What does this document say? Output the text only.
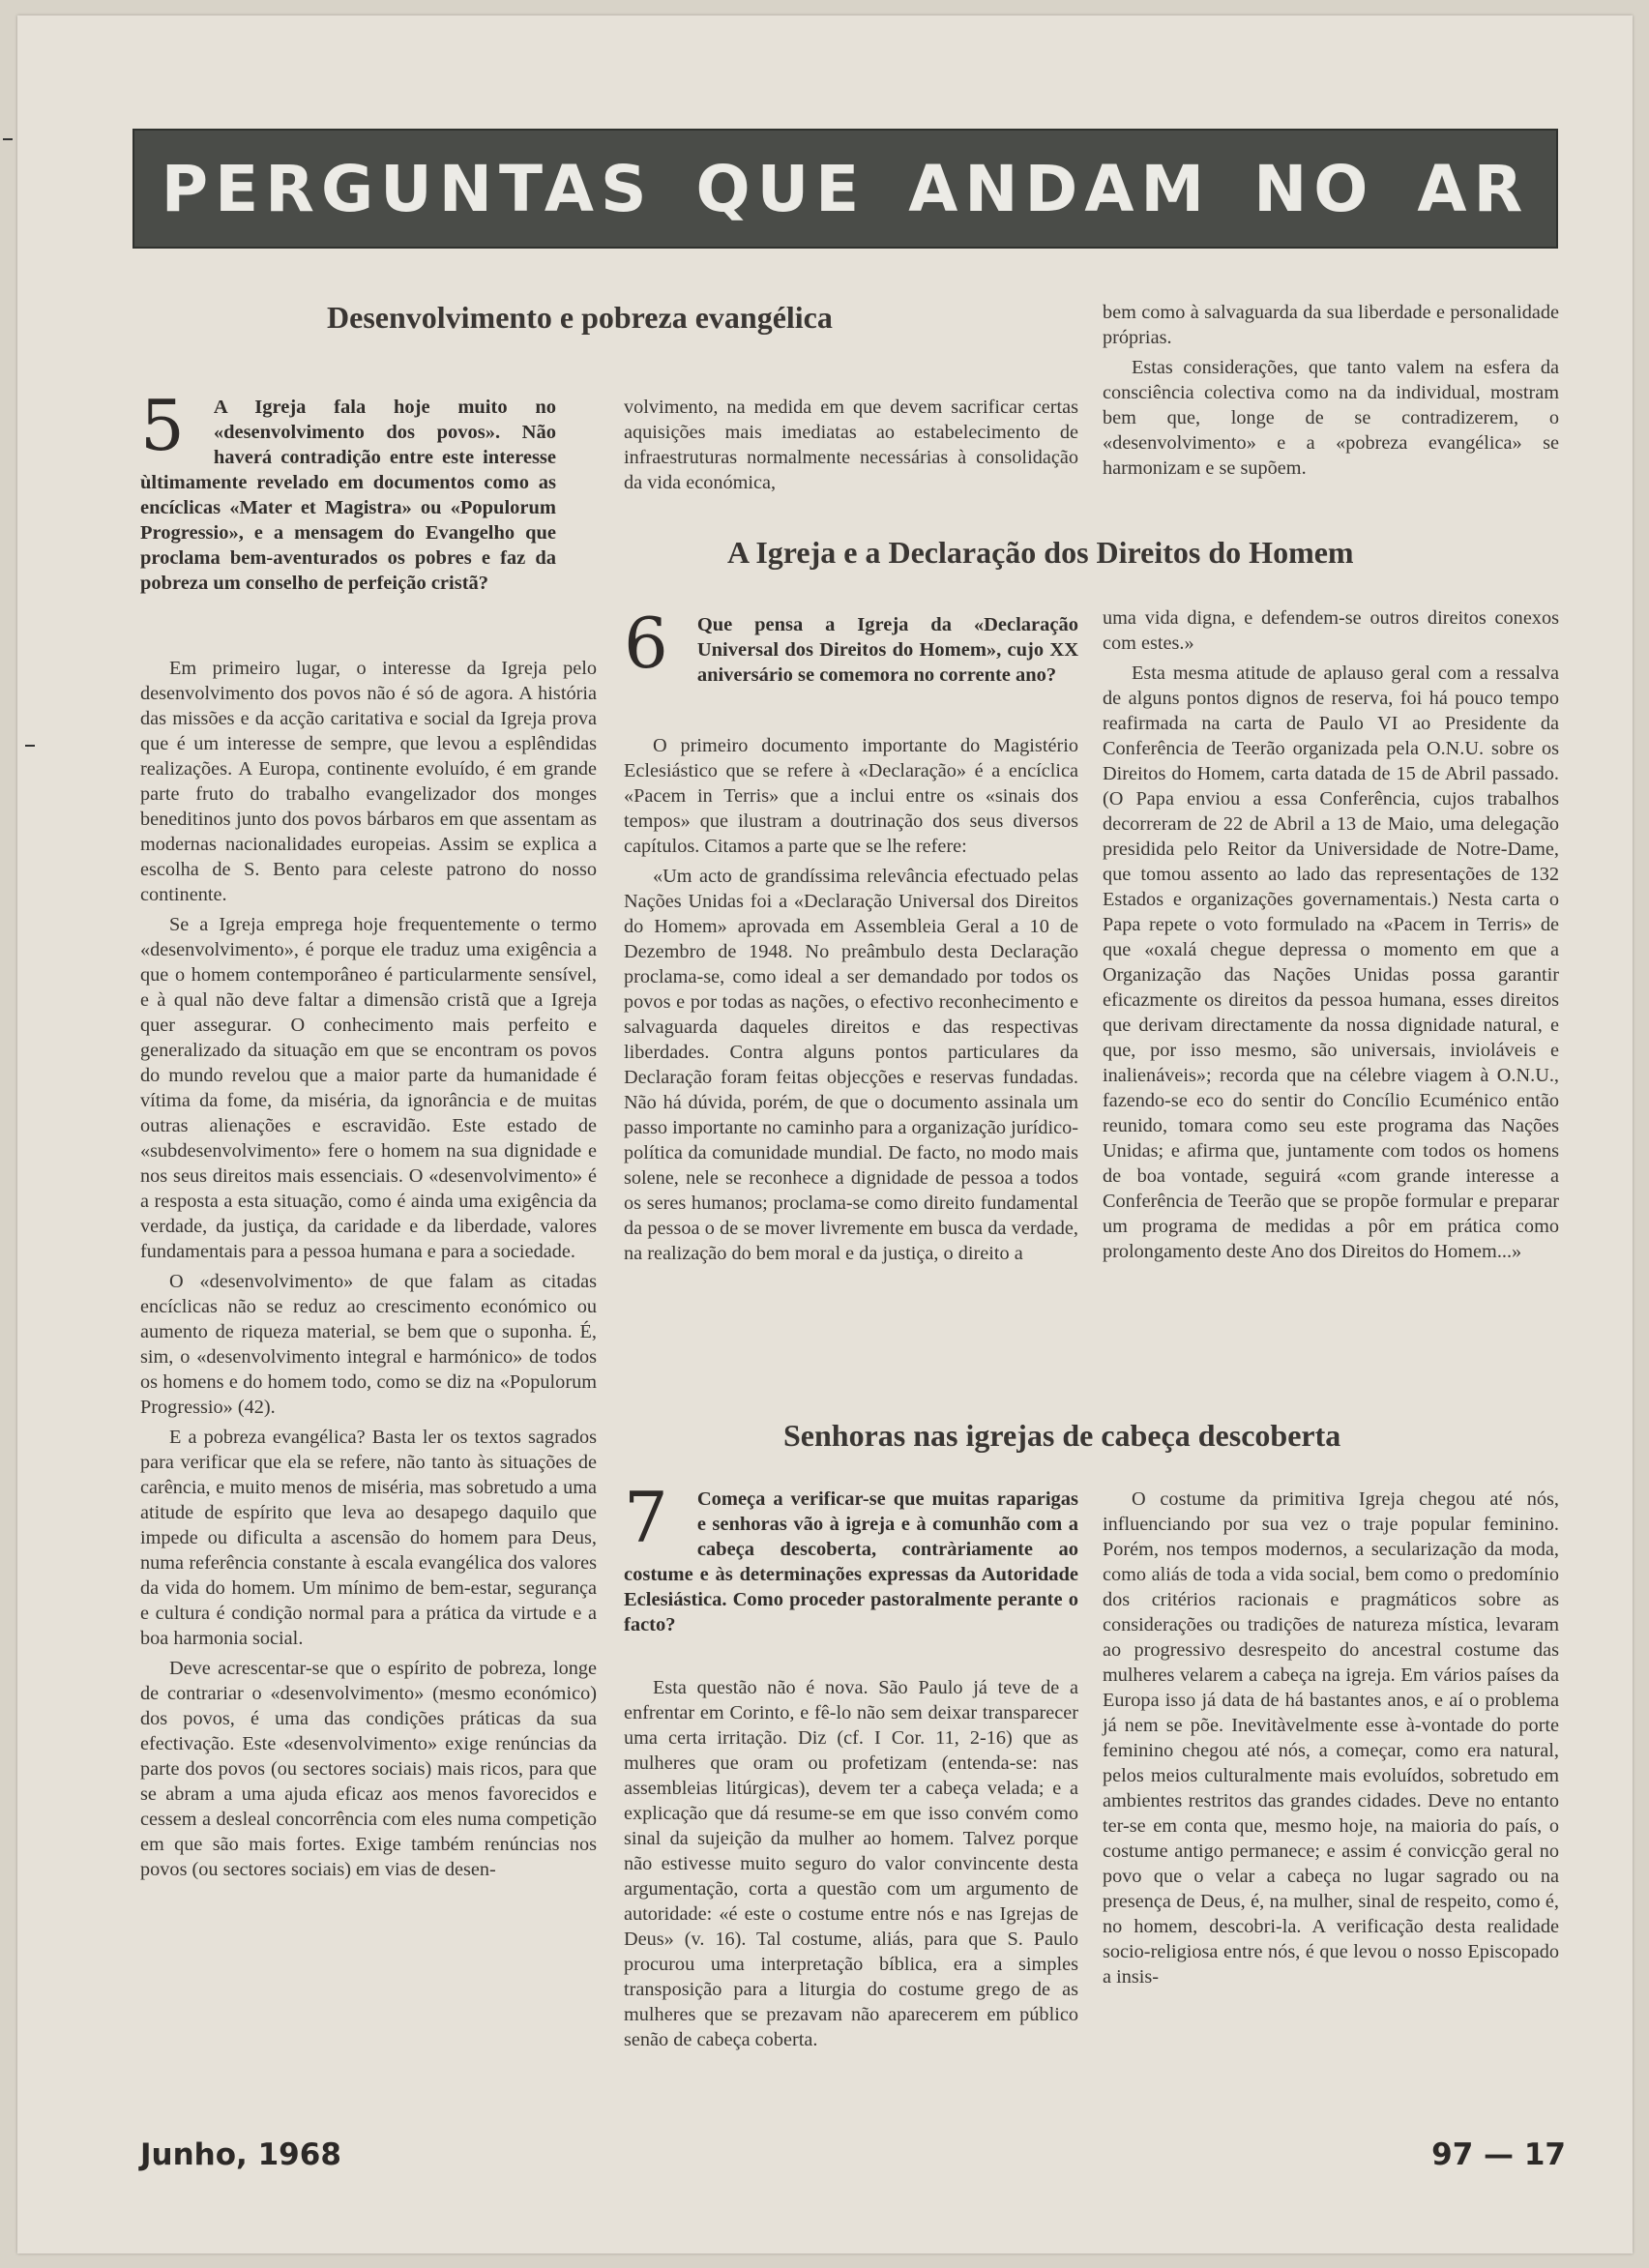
PERGUNTAS QUE ANDAM NO AR
Desenvolvimento e pobreza evangélica
5 A Igreja fala hoje muito no «desenvolvimento dos povos». Não haverá contradição entre este interesse ùltimamente revelado em documentos como as encíclicas «Mater et Magistra» ou «Populorum Progressio», e a mensagem do Evangelho que proclama bem-aventurados os pobres e faz da pobreza um conselho de perfeição cristã?

Em primeiro lugar, o interesse da Igreja pelo desenvolvimento dos povos não é só de agora. A história das missões e da acção caritativa e social da Igreja prova que é um interesse de sempre, que levou a esplêndidas realizações. A Europa, continente evoluído, é em grande parte fruto do trabalho evangelizador dos monges beneditinos junto dos povos bárbaros em que assentam as modernas nacionalidades europeias. Assim se explica a escolha de S. Bento para celeste patrono do nosso continente.

Se a Igreja emprega hoje frequentemente o termo «desenvolvimento», é porque ele traduz uma exigência a que o homem contemporâneo é particularmente sensível, e à qual não deve faltar a dimensão cristã que a Igreja quer assegurar. O conhecimento mais perfeito e generalizado da situação em que se encontram os povos do mundo revelou que a maior parte da humanidade é vítima da fome, da miséria, da ignorância e de muitas outras alienações e escravidão. Este estado de «subdesenvolvimento» fere o homem na sua dignidade e nos seus direitos mais essenciais. O «desenvolvimento» é a resposta a esta situação, como é ainda uma exigência da verdade, da justiça, da caridade e da liberdade, valores fundamentais para a pessoa humana e para a sociedade.

O «desenvolvimento» de que falam as citadas encíclicas não se reduz ao crescimento económico ou aumento de riqueza material, se bem que o suponha. É, sim, o «desenvolvimento integral e harmónico» de todos os homens e do homem todo, como se diz na «Populorum Progressio» (42).

E a pobreza evangélica? Basta ler os textos sagrados para verificar que ela se refere, não tanto às situações de carência, e muito menos de miséria, mas sobretudo a uma atitude de espírito que leva ao desapego daquilo que impede ou dificulta a ascensão do homem para Deus, numa referência constante à escala evangélica dos valores da vida do homem. Um mínimo de bem-estar, segurança e cultura é condição normal para a prática da virtude e a boa harmonia social.

Deve acrescentar-se que o espírito de pobreza, longe de contrariar o «desenvolvimento» (mesmo económico) dos povos, é uma das condições práticas da sua efectivação. Este «desenvolvimento» exige renúncias da parte dos povos (ou sectores sociais) mais ricos, para que se abram a uma ajuda eficaz aos menos favorecidos e cessem a desleal concorrência com eles numa competição em que são mais fortes. Exige também renúncias nos povos (ou sectores sociais) em vias de desen-

volvimento, na medida em que devem sacrificar certas aquisições mais imediatas ao estabelecimento de infraestruturas normalmente necessárias à consolidação da vida económica,

bem como à salvaguarda da sua liberdade e personalidade próprias.

Estas considerações, que tanto valem na esfera da consciência colectiva como na da individual, mostram bem que, longe de se contradizerem, o «desenvolvimento» e a «pobreza evangélica» se harmonizam e se supõem.

A Igreja e a Declaração dos Direitos do Homem
6 Que pensa a Igreja da «Declaração Universal dos Direitos do Homem», cujo XX aniversário se comemora no corrente ano?

O primeiro documento importante do Magistério Eclesiástico que se refere à «Declaração» é a encíclica «Pacem in Terris» que a inclui entre os «sinais dos tempos» que ilustram a doutrinação dos seus diversos capítulos. Citamos a parte que se lhe refere:

«Um acto de grandíssima relevância efectuado pelas Nações Unidas foi a «Declaração Universal dos Direitos do Homem» aprovada em Assembleia Geral a 10 de Dezembro de 1948. No preâmbulo desta Declaração proclama-se, como ideal a ser demandado por todos os povos e por todas as nações, o efectivo reconhecimento e salvaguarda daqueles direitos e das respectivas liberdades. Contra alguns pontos particulares da Declaração foram feitas objecções e reservas fundadas. Não há dúvida, porém, de que o documento assinala um passo importante no caminho para a organização jurídico-política da comunidade mundial. De facto, no modo mais solene, nele se reconhece a dignidade de pessoa a todos os seres humanos; proclama-se como direito fundamental da pessoa o de se mover livremente em busca da verdade, na realização do bem moral e da justiça, o direito a

uma vida digna, e defendem-se outros direitos conexos com estes.»

Esta mesma atitude de aplauso geral com a ressalva de alguns pontos dignos de reserva, foi há pouco tempo reafirmada na carta de Paulo VI ao Presidente da Conferência de Teerão organizada pela O.N.U. sobre os Direitos do Homem, carta datada de 15 de Abril passado. (O Papa enviou a essa Conferência, cujos trabalhos decorreram de 22 de Abril a 13 de Maio, uma delegação presidida pelo Reitor da Universidade de Notre-Dame, que tomou assento ao lado das representações de 132 Estados e organizações governamentais.) Nesta carta o Papa repete o voto formulado na «Pacem in Terris» de que «oxalá chegue depressa o momento em que a Organização das Nações Unidas possa garantir eficazmente os direitos da pessoa humana, esses direitos que derivam directamente da nossa dignidade natural, e que, por isso mesmo, são universais, invioláveis e inalienáveis»; recorda que na célebre viagem à O.N.U., fazendo-se eco do sentir do Concílio Ecuménico então reunido, tomara como seu este programa das Nações Unidas; e afirma que, juntamente com todos os homens de boa vontade, seguirá «com grande interesse a Conferência de Teerão que se propõe formular e preparar um programa de medidas a pôr em prática como prolongamento deste Ano dos Direitos do Homem...»

Senhoras nas igrejas de cabeça descoberta
7 Começa a verificar-se que muitas raparigas e senhoras vão à igreja e à comunhão com a cabeça descoberta, contràriamente ao costume e às determinações expressas da Autoridade Eclesiástica. Como proceder pastoralmente perante o facto?

Esta questão não é nova. São Paulo já teve de a enfrentar em Corinto, e fê-lo não sem deixar transparecer uma certa irritação. Diz (cf. I Cor. 11, 2-16) que as mulheres que oram ou profetizam (entenda-se: nas assembleias litúrgicas), devem ter a cabeça velada; e a explicação que dá resume-se em que isso convém como sinal da sujeição da mulher ao homem. Talvez porque não estivesse muito seguro do valor convincente desta argumentação, corta a questão com um argumento de autoridade: «é este o costume entre nós e nas Igrejas de Deus» (v. 16). Tal costume, aliás, para que S. Paulo procurou uma interpretação bíblica, era a simples transposição para a liturgia do costume grego de as mulheres que se prezavam não aparecerem em público senão de cabeça coberta.

O costume da primitiva Igreja chegou até nós, influenciando por sua vez o traje popular feminino. Porém, nos tempos modernos, a secularização da moda, como aliás de toda a vida social, bem como o predomínio dos critérios racionais e pragmáticos sobre as considerações ou tradições de natureza mística, levaram ao progressivo desrespeito do ancestral costume das mulheres velarem a cabeça na igreja. Em vários países da Europa isso já data de há bastantes anos, e aí o problema já nem se põe. Inevitàvelmente esse à-vontade do porte feminino chegou até nós, a começar, como era natural, pelos meios culturalmente mais evoluídos, sobretudo em ambientes restritos das grandes cidades. Deve no entanto ter-se em conta que, mesmo hoje, na maioria do país, o costume antigo permanece; e assim é convicção geral no povo que o velar a cabeça no lugar sagrado ou na presença de Deus, é, na mulher, sinal de respeito, como é, no homem, descobri-la. A verificação desta realidade socio-religiosa entre nós, é que levou o nosso Episcopado a insis-

Junho, 1968	97 — 17
